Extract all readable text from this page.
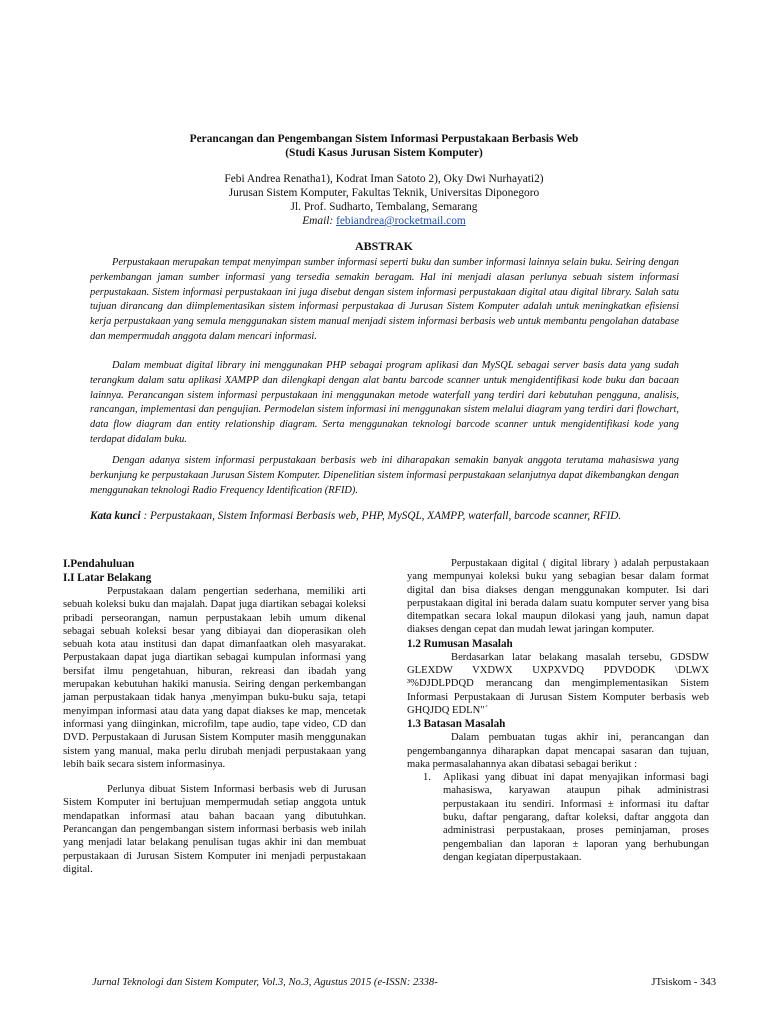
Perancangan dan Pengembangan Sistem Informasi Perpustakaan Berbasis Web
(Studi Kasus Jurusan Sistem Komputer)
Febi Andrea Renatha1), Kodrat Iman Satoto 2), Oky Dwi Nurhayati2)
Jurusan Sistem Komputer, Fakultas Teknik, Universitas Diponegoro
Jl. Prof. Sudharto, Tembalang, Semarang
Email: febiandrea@rocketmail.com
ABSTRAK
Perpustakaan merupakan tempat menyimpan sumber informasi seperti buku dan sumber informasi lainnya selain buku. Seiring dengan perkembangan jaman sumber informasi yang tersedia semakin beragam. Hal ini menjadi alasan perlunya sebuah sistem informasi perpustakaan. Sistem informasi perpustakaan ini juga disebut dengan sistem informasi perpustakaan digital atau digital library. Salah satu tujuan dirancang dan diimplementasikan sistem informasi perpustakaa di Jurusan Sistem Komputer adalah untuk meningkatkan efisiensi kerja perpustakaan yang semula menggunakan sistem manual menjadi sistem informasi berbasis web untuk membantu pengolahan database dan mempermudah anggota dalam mencari informasi.
Dalam membuat digital library ini menggunakan PHP sebagai program aplikasi dan MySQL sebagai server basis data yang sudah terangkum dalam satu aplikasi XAMPP dan dilengkapi dengan alat bantu barcode scanner untuk mengidentifikasi kode buku dan bacaan lainnya. Perancangan sistem informasi perpustakaan ini menggunakan metode waterfall yang terdiri dari kebutuhan pengguna, analisis, rancangan, implementasi dan pengujian. Permodelan sistem informasi ini menggunakan sistem melalui diagram yang terdiri dari flowchart, data flow diagram dan entity relationship diagram. Serta menggunakan teknologi barcode scanner untuk mengidentifikasi kode yang terdapat didalam buku.
Dengan adanya sistem informasi perpustakaan berbasis web ini diharapakan semakin banyak anggota terutama mahasiswa yang berkunjung ke perpustakaan Jurusan Sistem Komputer. Dipenelitian sistem informasi perpustakaan selanjutnya dapat dikembangkan dengan menggunakan teknologi Radio Frequency Identification (RFID).
Kata kunci : Perpustakaan, Sistem Informasi Berbasis web, PHP, MySQL, XAMPP, waterfall, barcode scanner, RFID.
I.Pendahuluan
I.I Latar Belakang

Perpustakaan dalam pengertian sederhana, memiliki arti sebuah koleksi buku dan majalah. Dapat juga diartikan sebagai koleksi pribadi perseorangan, namun perpustakaan lebih umum dikenal sebagai sebuah koleksi besar yang dibiayai dan dioperasikan oleh sebuah kota atau institusi dan dapat dimanfaatkan oleh masyarakat. Perpustakaan dapat juga diartikan sebagai kumpulan informasi yang bersifat ilmu pengetahuan, hiburan, rekreasi dan ibadah yang merupakan kebutuhan hakiki manusia. Seiring dengan perkembangan jaman perpustakaan tidak hanya ,menyimpan buku-buku saja, tetapi menyimpan informasi atau data yang dapat diakses ke map, mencetak informasi yang diinginkan, microfilm, tape audio, tape video, CD dan DVD. Perpustakaan di Jurusan Sistem Komputer masih menggunakan sistem yang manual, maka perlu dirubah menjadi perpustakaan yang lebih baik secara sistem informasinya.

Perlunya dibuat Sistem Informasi berbasis web di Jurusan Sistem Komputer ini bertujuan mempermudah setiap anggota untuk mendapatkan informasi atau bahan bacaan yang dibutuhkan. Perancangan dan pengembangan sistem informasi berbasis web inilah yang menjadi latar belakang penulisan tugas akhir ini dan membuat perpustakaan di Jurusan Sistem Komputer ini menjadi perpustakaan digital.

Perpustakaan digital ( digital library ) adalah perpustakaan yang mempunyai koleksi buku yang sebagian besar dalam format digital dan bisa diakses dengan menggunakan komputer. Isi dari perpustakaan digital ini berada dalam suatu komputer server yang bisa ditempatkan secara lokal maupun dilokasi yang jauh, namun dapat diakses dengan cepat dan mudah lewat jaringan komputer.

1.2 Rumusan Masalah

Berdasarkan latar belakang masalah tersebu, GDSDW GLEXDW VXDWX UXPXVDQ PDVDODK \DLWX ³%DJDLPDQD merancang dan mengimplementasikan Sistem Informasi Perpustakaan di Jurusan Sistem Komputer berbasis web GHQJDQ EDLN"´

1.3 Batasan Masalah

Dalam pembuatan tugas akhir ini, perancangan dan pengembangannya diharapkan dapat mencapai sasaran dan tujuan, maka permasalahannya akan dibatasi sebagai berikut :

1. Aplikasi yang dibuat ini dapat menyajikan informasi bagi mahasiswa, karyawan ataupun pihak administrasi perpustakaan itu sendiri. Informasi ± informasi itu daftar buku, daftar pengarang, daftar koleksi, daftar anggota dan administrasi perpustakaan, proses peminjaman, proses pengembalian dan laporan ± laporan yang berhubungan dengan kegiatan diperpustakaan.
Jurnal Teknologi dan Sistem Komputer, Vol.3, No.3, Agustus 2015 (e-ISSN: 2338-	JTsiskom - 343
